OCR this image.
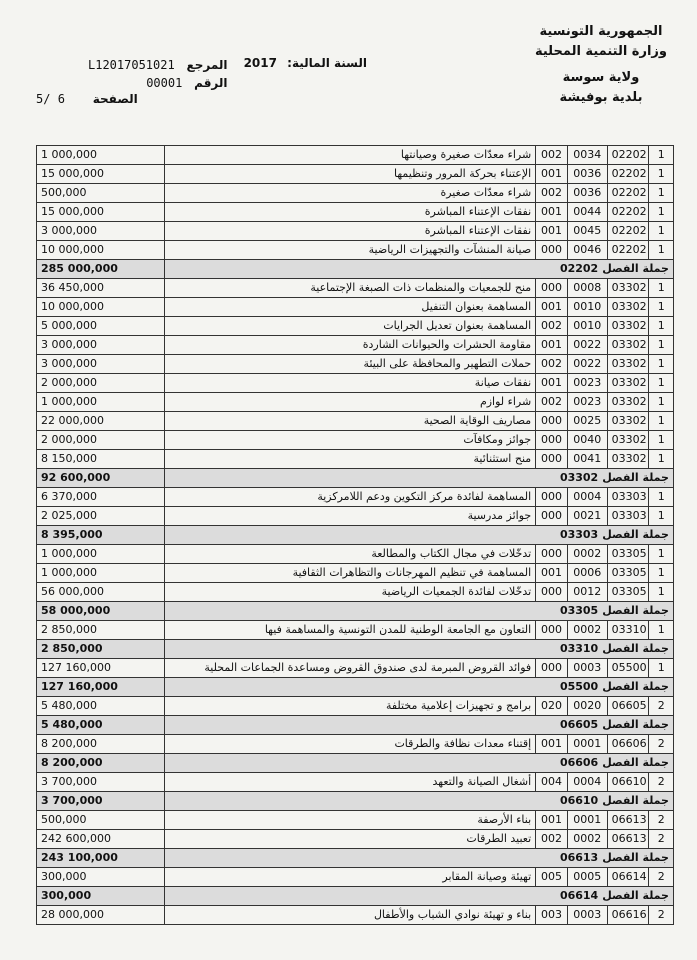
الجمهورية التونسية
وزارة التنمية المحلية
ولاية سوسة
بلدية بوفيشة
السنة المالية: 2017
المرجع L12017051021
الرقم 00001
الصفحة 6 /5
1 000,000	شراء معدّات صغيرة وصيانتها	002	0034	02202	1
15 000,000	الإعتناء بحركة المرور وتنظيمها	001	0036	02202	1
500,000	شراء معدّات صغيرة	002	0036	02202	1
15 000,000	نفقات الإعتناء المباشرة	001	0044	02202	1
3 000,000	نفقات الإعتناء المباشرة	001	0045	02202	1
10 000,000	صيانة المنشآت والتجهيزات الرياضية	000	0046	02202	1
285 000,000	جملة الفصل02202				
36 450,000	منح للجمعيات والمنظمات ذات الصبغة الإجتماعية	000	0008	03302	1
10 000,000	المساهمة بعنوان التنفيل	001	0010	03302	1
5 000,000	المساهمة بعنوان تعديل الجرايات	002	0010	03302	1
3 000,000	مقاومة الحشرات والحيوانات الشاردة	001	0022	03302	1
3 000,000	حملات التطهير والمحافظة على البيئة	002	0022	03302	1
2 000,000	نفقات صيانة	001	0023	03302	1
1 000,000	شراء لوازم	002	0023	03302	1
22 000,000	مصاريف الوقاية الصحية	000	0025	03302	1
2 000,000	جوائز ومكافآت	000	0040	03302	1
8 150,000	منح استثنائية	000	0041	03302	1
92 600,000	جملة الفصل03302				
6 370,000	المساهمة لفائدة مركز التكوين ودعم اللامركزية	000	0004	03303	1
2 025,000	جوائز مدرسية	000	0021	03303	1
8 395,000	جملة الفصل03303				
1 000,000	تدخّلات في مجال الكتاب والمطالعة	000	0002	03305	1
1 000,000	المساهمة في تنظيم المهرجانات والتظاهرات الثقافية	001	0006	03305	1
56 000,000	تدخّلات لفائدة الجمعيات الرياضية	000	0012	03305	1
58 000,000	جملة الفصل03305				
2 850,000	التعاون مع الجامعة الوطنية للمدن التونسية والمساهمة فيها	000	0002	03310	1
2 850,000	جملة الفصل03310				
127 160,000	فوائد القروض المبرمة لدى صندوق القروض ومساعدة الجماعات المحلية	000	0003	05500	1
127 160,000	جملة الفصل05500				
5 480,000	برامج و تجهيزات إعلامية مختلفة	020	0020	06605	2
5 480,000	جملة الفصل06605				
8 200,000	إقتناء معدات نظافة والطرقات	001	0001	06606	2
8 200,000	جملة الفصل06606				
3 700,000	أشغال الصيانة والتعهد	004	0004	06610	2
3 700,000	جملة الفصل06610				
500,000	بناء الأرصفة	001	0001	06613	2
242 600,000	تعبيد الطرقات	002	0002	06613	2
243 100,000	جملة الفصل06613				
300,000	تهيئة وصيانة المقابر	005	0005	06614	2
300,000	جملة الفصل06614				
28 000,000	بناء و تهيئة نوادي الشباب والأطفال	003	0003	06616	2
